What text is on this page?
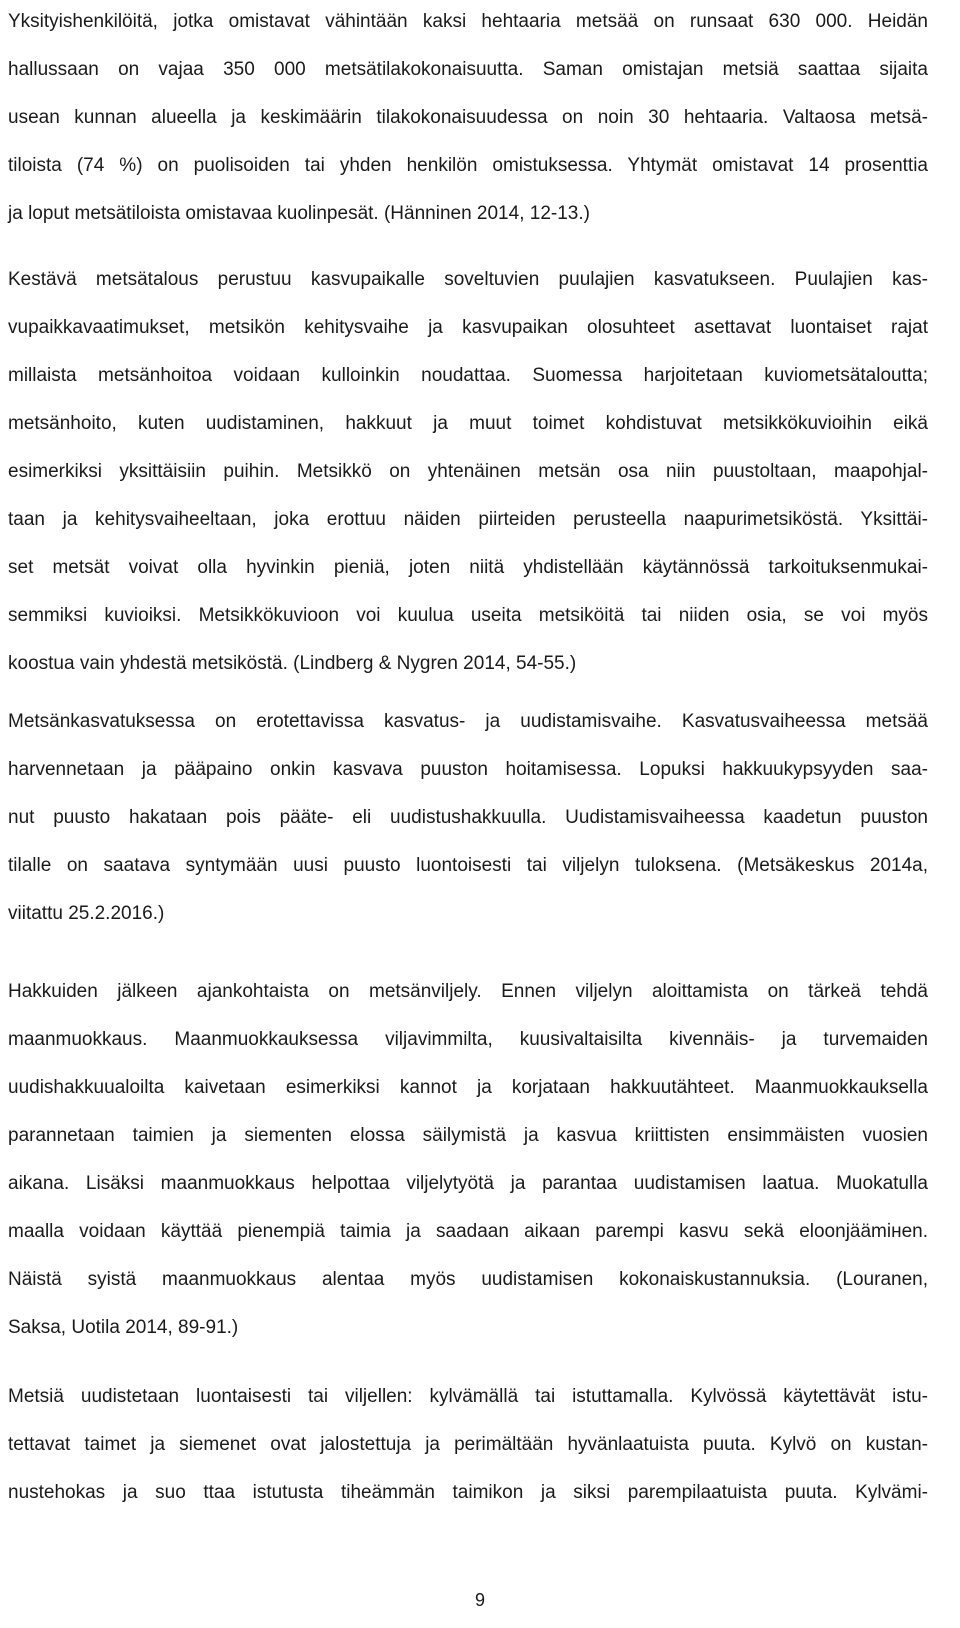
Yksityishenkilöitä, jotka omistavat vähintään kaksi hehtaaria metsää on runsaat 630 000. Heidän
hallussaan on vajaa 350 000 metsätilakokonaisuutta. Saman omistajan metsiä saattaa sijaita
usean kunnan alueella ja keskimäärin tilakokonaisuudessa on noin 30 hehtaaria. Valtaosa metsä-
tiloista (74 %) on puolisoiden tai yhden henkilön omistuksessa. Yhtymät omistavat 14 prosenttia
ja loput metsätiloista omistavaa kuolinpesät. (Hänninen 2014, 12-13.)
Kestävä metsätalous perustuu kasvupaikalle soveltuvien puulajien kasvatukseen. Puulajien kas-
vupaikkavaatimukset, metsikön kehitysvaihe ja kasvupaikan olosuhteet asettavat luontaiset rajat
millaista metsänhoitoa voidaan kulloinkin noudattaa. Suomessa harjoitetaan kuviometsätaloutta;
metsänhoito, kuten uudistaminen, hakkuut ja muut toimet kohdistuvat metsikkökuvioihin eikä
esimerkiksi yksittäisiin puihin. Metsikkö on yhtenäinen metsän osa niin puustoltaan, maapohjal-
taan ja kehitysvaiheeltaan, joka erottuu näiden piirteiden perusteella naapurimetsiköstä. Yksittäi-
set metsät voivat olla hyvinkin pieniä, joten niitä yhdistellään käytännössä tarkoituksenmukai-
semmiksi kuvioiksi. Metsikkökuvioon voi kuulua useita metsiköitä tai niiden osia, se voi myös
koostua vain yhdestä metsiköstä. (Lindberg & Nygren 2014, 54-55.)
Metsänkasvatuksessa on erotettavissa kasvatus- ja uudistamisvaihe. Kasvatusvaiheessa metsää
harvennetaan ja pääpaino onkin kasvava puuston hoitamisessa. Lopuksi hakkuukypsyyden saa-
nut puusto hakataan pois pääte- eli uudistushakkuulla. Uudistamisvaiheessa kaadetun puuston
tilalle on saatava syntymään uusi puusto luontoisesti tai viljelyn tuloksena. (Metsäkeskus 2014a,
viitattu 25.2.2016.)
Hakkuiden jälkeen ajankohtaista on metsänviljely. Ennen viljelyn aloittamista on tärkeä tehdä
maanmuokkaus. Maanmuokkauksessa viljavimmilta, kuusivaltaisilta kivennäis- ja turvemaiden
uudishakkuualoilta kaivetaan esimerkiksi kannot ja korjataan hakkuutähteet. Maanmuokkauksella
parannetaan taimien ja siementen elossa säilymistä ja kasvua kriittisten ensimmäisten vuosien
aikana. Lisäksi maanmuokkaus helpottaa viljelytyötä ja parantaa uudistamisen laatua. Muokatulla
maalla voidaan käyttää pienempiä taimia ja saadaan aikaan parempi kasvu sekä eloonjäämінen.
Näistä syistä maanmuokkaus alentaa myös uudistamisen kokonaiskustannuksia. (Louranen,
Saksa, Uotila 2014, 89-91.)
Metsiä uudistetaan luontaisesti tai viljellen: kylvämällä tai istuttamalla. Kylvössä käytettävät istu-
tettavat taimet ja siemenet ovat jalostettuja ja perimältään hyvänlaatuista puuta. Kylvö on kustan-
nustehokas ja suo ttaa istutusta tiheämmän taimikon ja siksi parempilaatuista puuta. Kylvämi-
9
